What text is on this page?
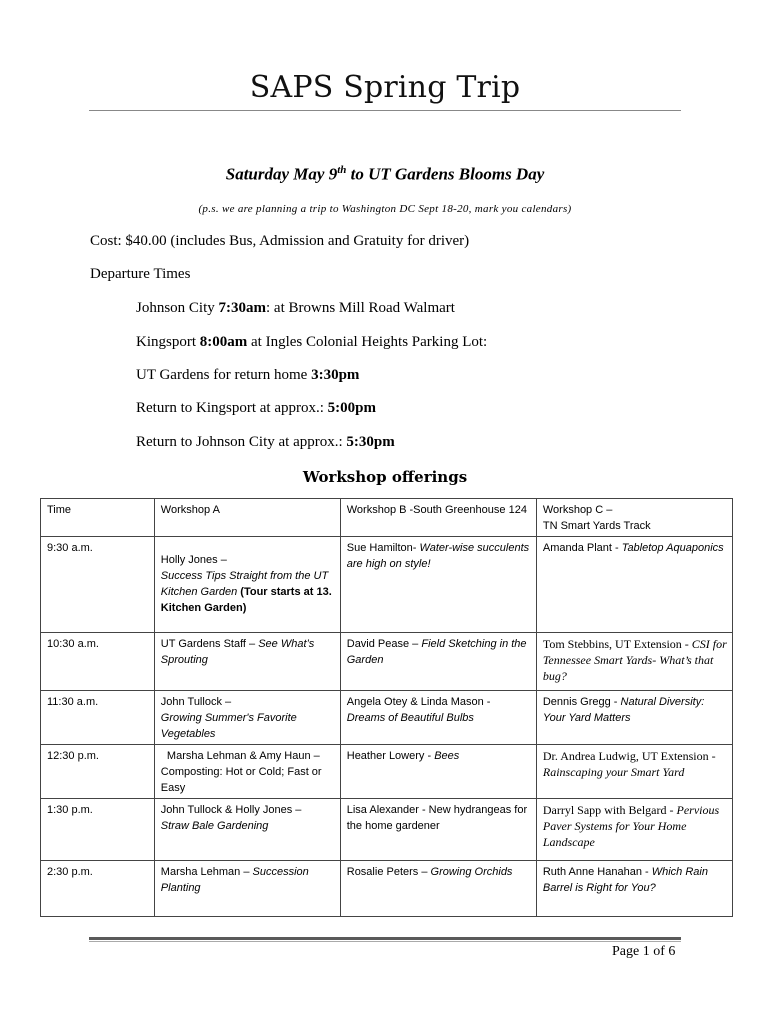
SAPS Spring Trip
Saturday May 9th to UT Gardens Blooms Day
(p.s. we are planning a trip to Washington DC Sept 18-20, mark you calendars)
Cost: $40.00 (includes Bus, Admission and Gratuity for driver)
Departure Times
Johnson City 7:30am: at Browns Mill Road Walmart
Kingsport 8:00am at Ingles Colonial Heights Parking Lot:
UT Gardens for return home 3:30pm
Return to Kingsport at approx.: 5:00pm
Return to Johnson City at approx.: 5:30pm
Workshop offerings
Time	Workshop A	Workshop B -South Greenhouse 124	Workshop C –
TN Smart Yards Track

9:30 a.m.	Holly Jones –
Success Tips Straight from the UT Kitchen Garden (Tour starts at 13. Kitchen Garden)	Sue Hamilton- Water-wise succulents are high on style!	Amanda Plant - Tabletop Aquaponics
10:30 a.m.	UT Gardens Staff – See What’s Sprouting	David Pease – Field Sketching in the Garden	Tom Stebbins, UT Extension - CSI for Tennessee Smart Yards- What’s that bug?
11:30 a.m.	John Tullock –
Growing Summer's Favorite Vegetables	Angela Otey & Linda Mason - Dreams of Beautiful Bulbs	Dennis Gregg - Natural Diversity: Your Yard Matters
12:30 p.m.	Marsha Lehman & Amy Haun – Composting: Hot or Cold; Fast or Easy	Heather Lowery - Bees	Dr. Andrea Ludwig, UT Extension - Rainscaping your Smart Yard
1:30 p.m.	John Tullock & Holly Jones –
Straw Bale Gardening	Lisa Alexander - New hydrangeas for the home gardener	Darryl Sapp with Belgard - Pervious Paver Systems for Your Home Landscape
2:30 p.m.	Marsha Lehman – Succession Planting	Rosalie Peters – Growing Orchids	Ruth Anne Hanahan - Which Rain Barrel is Right for You?
Page 1 of 6
